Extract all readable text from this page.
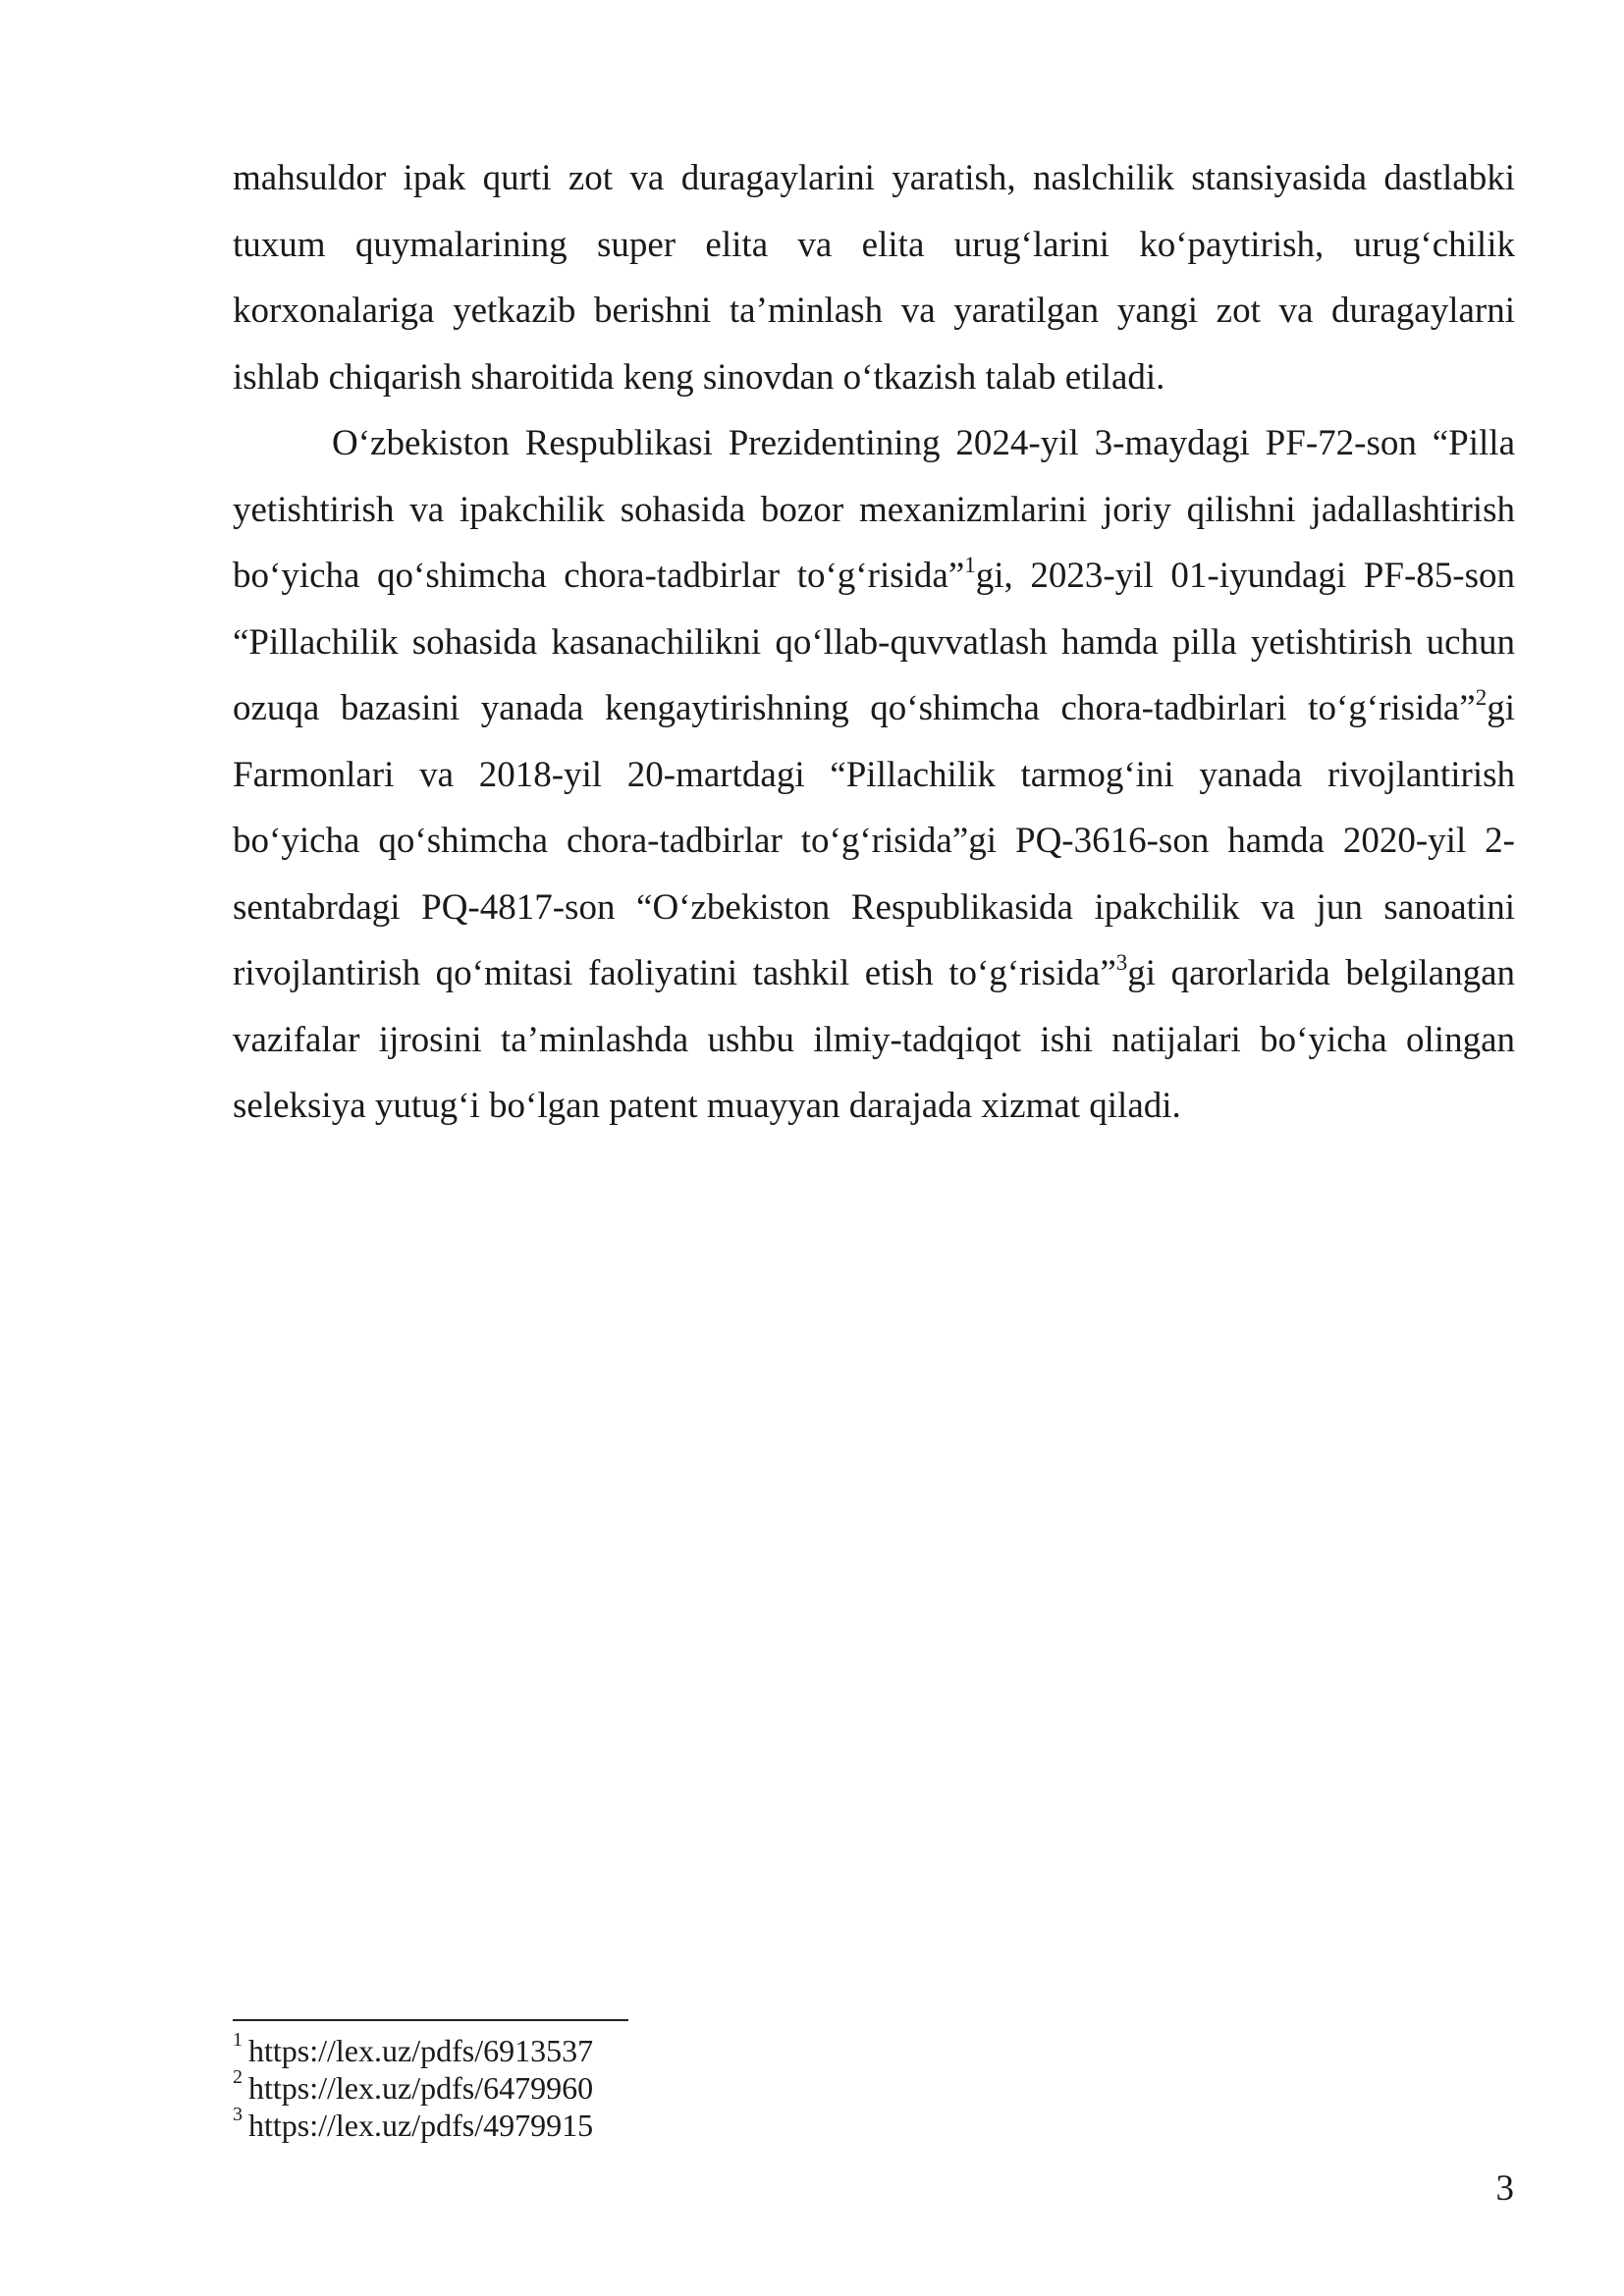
mahsuldor ipak qurti zot va duragaylarini yaratish, naslchilik stansiyasida dastlabki tuxum quymalarining super elita va elita urug‘larini ko‘paytirish, urug‘chilik korxonalariga yetkazib berishni ta’minlash va yaratilgan yangi zot va duragaylarni ishlab chiqarish sharoitida keng sinovdan o‘tkazish talab etiladi.

O‘zbekiston Respublikasi Prezidentining 2024-yil 3-maydagi PF-72-son “Pilla yetishtirish va ipakchilik sohasida bozor mexanizmlarini joriy qilishni jadallashtirish bo‘yicha qo‘shimcha chora-tadbirlar to‘g‘risida”$^1$gi, 2023-yil 01-iyundagi PF-85-son “Pillachilik sohasida kasanachilikni qo‘llab-quvvatlash hamda pilla yetishtirish uchun ozuqa bazasini yanada kengaytirishning qo‘shimcha chora-tadbirlari to‘g‘risida”$^2$gi Farmonlari va 2018-yil 20-martdagi “Pillachilik tarmog‘ini yanada rivojlantirish bo‘yicha qo‘shimcha chora-tadbirlar to‘g‘risida”gi PQ-3616-son hamda 2020-yil 2-sentabrdagi PQ-4817-son “O‘zbekiston Respublikasida ipakchilik va jun sanoatini rivojlantirish qo‘mitasi faoliyatini tashkil etish to‘g‘risida”$^3$gi qarorlarida belgilangan vazifalar ijrosini ta’minlashda ushbu ilmiy-tadqiqot ishi natijalari bo‘yicha olingan seleksiya yutug‘i bo‘lgan patent muayyan darajada xizmat qiladi.

$^1$ https://lex.uz/pdfs/6913537
$^2$ https://lex.uz/pdfs/6479960
$^3$ https://lex.uz/pdfs/4979915
3
